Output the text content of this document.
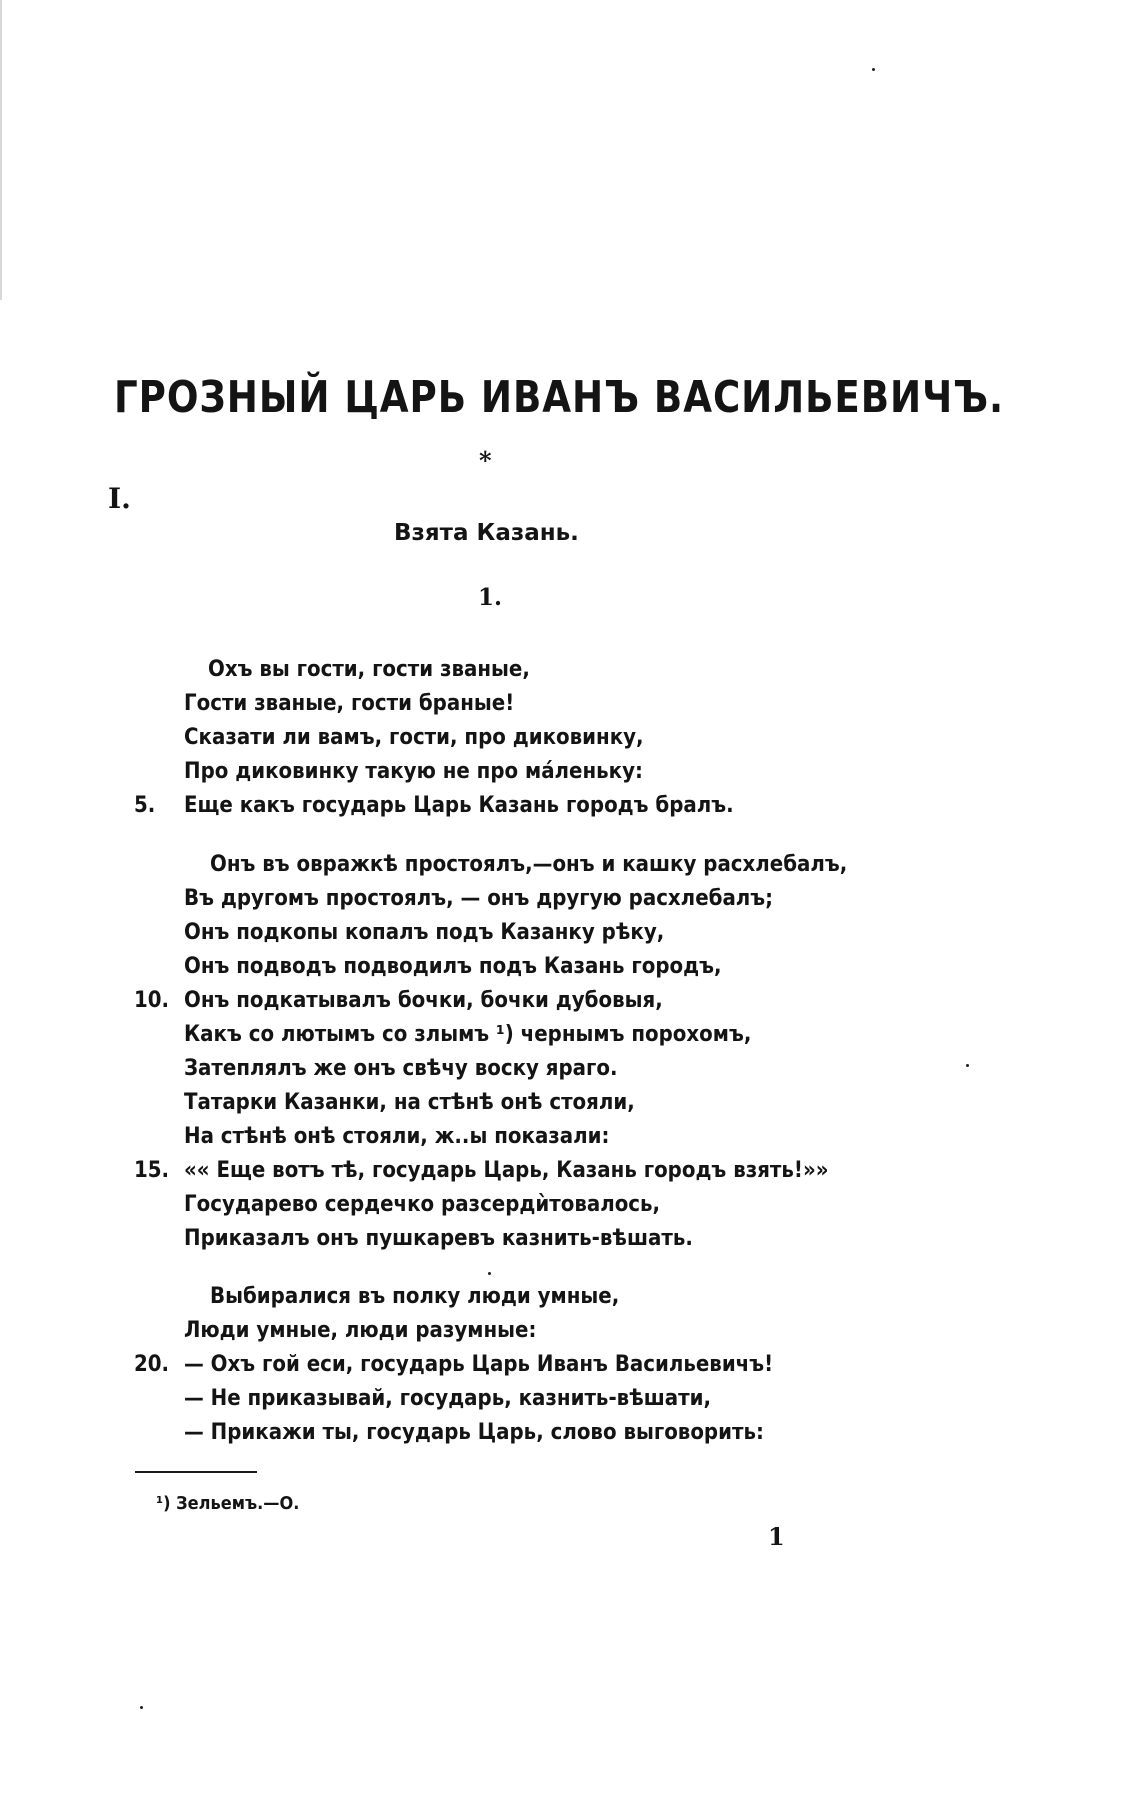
ГРОЗНЫЙ ЦАРЬ ИВАНЪ ВАСИЛЬЕВИЧЪ.
*
I.
Взята Казань.
1.
Охъ вы гости, гости званые,
Гости званые, гости браные!
Сказати ли вамъ, гости, про диковинку,
Про диковинку такую не про мáленьку:
5.	Еще какъ государь Царь Казань городъ бралъ.
Онъ въ овражкѣ простоялъ,—онъ и кашку расхлебалъ,
Въ другомъ простоялъ, — онъ другую расхлебалъ;
Онъ подкопы копалъ подъ Казанку рѣку,
Онъ подводъ подводилъ подъ Казань городъ,
10. Онъ подкатывалъ бочки, бочки дубовыя,
Какъ со лютымъ со злымъ ¹) чернымъ порохомъ,
Затеплялъ же онъ свѣчу воску яраго.
Татарки Казанки, на стѣнѣ онѣ стояли,
На стѣнѣ онѣ стояли, ж..ы показали:
15. «« Еще вотъ тѣ, государь Царь, Казань городъ взять!»»
Государево сердечко разсердѝтовалось,
Приказалъ онъ пушкаревъ казнить-вѣшать.
Выбиралися въ полку люди умные,
Люди умные, люди разумные:
20. — Охъ гой еси, государь Царь Иванъ Васильевичъ!
— Не приказывай, государь, казнить-вѣшати,
— Прикажи ты, государь Царь, слово выговорить:
¹) Зельемъ.—О.
1
